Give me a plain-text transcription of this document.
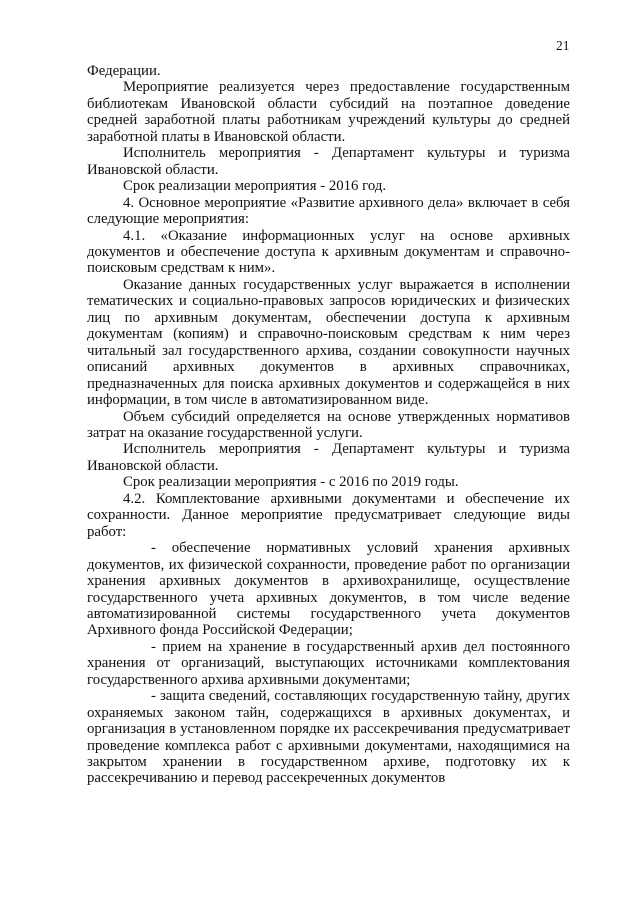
21

Федерации.

Мероприятие реализуется через предоставление государственным библиотекам Ивановской области субсидий на поэтапное доведение средней заработной платы работникам учреждений культуры до средней заработной платы в Ивановской области.

Исполнитель мероприятия - Департамент культуры и туризма Ивановской области.

Срок реализации мероприятия - 2016 год.

4. Основное мероприятие «Развитие архивного дела» включает в себя следующие мероприятия:

4.1. «Оказание информационных услуг на основе архивных документов и обеспечение доступа к архивным документам и справочно-поисковым средствам к ним».

Оказание данных государственных услуг выражается в исполнении тематических и социально-правовых запросов юридических и физических лиц по архивным документам, обеспечении доступа к архивным документам (копиям) и справочно-поисковым средствам к ним через читальный зал государственного архива, создании совокупности научных описаний архивных документов в архивных справочниках, предназначенных для поиска архивных документов и содержащейся в них информации, в том числе в автоматизированном виде.

Объем субсидий определяется на основе утвержденных нормативов затрат на оказание государственной услуги.

Исполнитель мероприятия - Департамент культуры и туризма Ивановской области.

Срок реализации мероприятия - с 2016 по 2019 годы.

4.2. Комплектование архивными документами и обеспечение их сохранности. Данное мероприятие предусматривает следующие виды работ:

- обеспечение нормативных условий хранения архивных документов, их физической сохранности, проведение работ по организации хранения архивных документов в архивохранилище, осуществление государственного учета архивных документов, в том числе ведение автоматизированной системы государственного учета документов Архивного фонда Российской Федерации;

- прием на хранение в государственный архив дел постоянного хранения от организаций, выступающих источниками комплектования государственного архива архивными документами;

- защита сведений, составляющих государственную тайну, других охраняемых законом тайн, содержащихся в архивных документах, и организация в установленном порядке их рассекречивания предусматривает проведение комплекса работ с архивными документами, находящимися на закрытом хранении в государственном архиве, подготовку их к рассекречиванию и перевод рассекреченных документов
